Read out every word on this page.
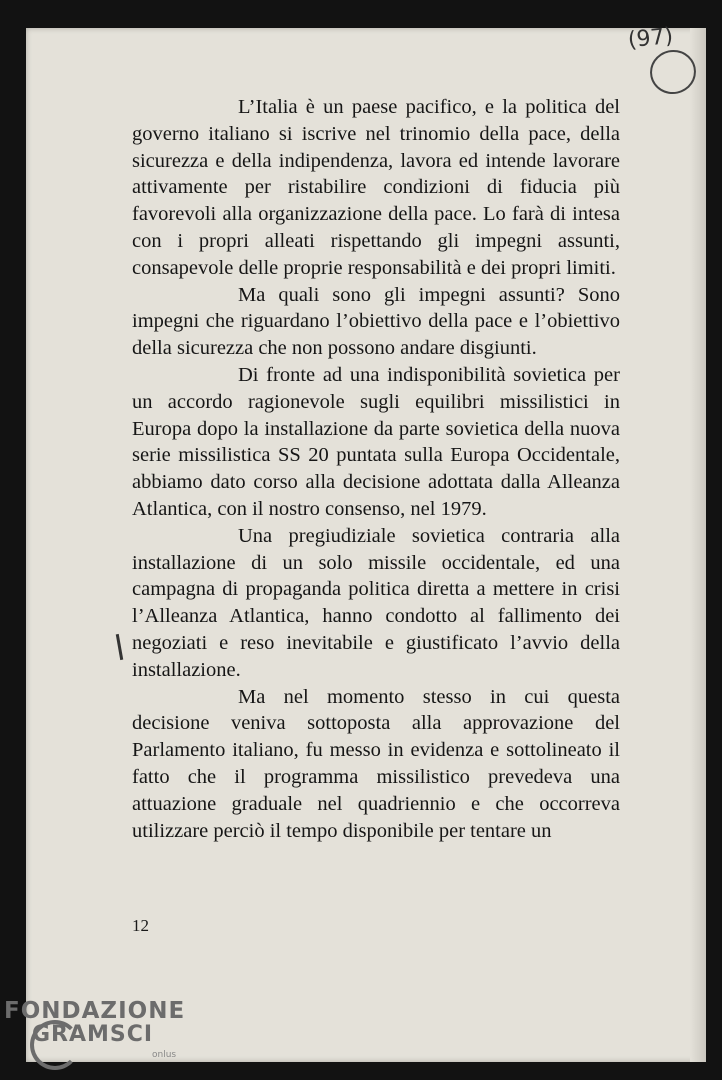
(97)

L’Italia è un paese pacifico, e la politica del governo italiano si iscrive nel trinomio della pace, della sicurezza e della indipendenza, lavora ed intende lavorare attivamente per ristabilire condizioni di fiducia più favorevoli alla organizzazione della pace. Lo farà di intesa con i propri alleati rispettando gli impegni assunti, consapevole delle proprie responsabilità e dei propri limiti.

Ma quali sono gli impegni assunti? Sono impegni che riguardano l’obiettivo della pace e l’obiettivo della sicurezza che non possono andare disgiunti.

Di fronte ad una indisponibilità sovietica per un accordo ragionevole sugli equilibri missilistici in Europa dopo la installazione da parte sovietica della nuova serie missilistica SS 20 puntata sulla Europa Occidentale, abbiamo dato corso alla decisione adottata dalla Alleanza Atlantica, con il nostro consenso, nel 1979.

Una pregiudiziale sovietica contraria alla installazione di un solo missile occidentale, ed una campagna di propaganda politica diretta a mettere in crisi l’Alleanza Atlantica, hanno condotto al fallimento dei negoziati e reso inevitabile e giustificato l’avvio della installazione.

Ma nel momento stesso in cui questa decisione veniva sottoposta alla approvazione del Parlamento italiano, fu messo in evidenza e sottolineato il fatto che il programma missilistico prevedeva una attuazione graduale nel quadriennio e che occorreva utilizzare perciò il tempo disponibile per tentare un

12
FONDAZIONE
GRAMSCI
onlus
